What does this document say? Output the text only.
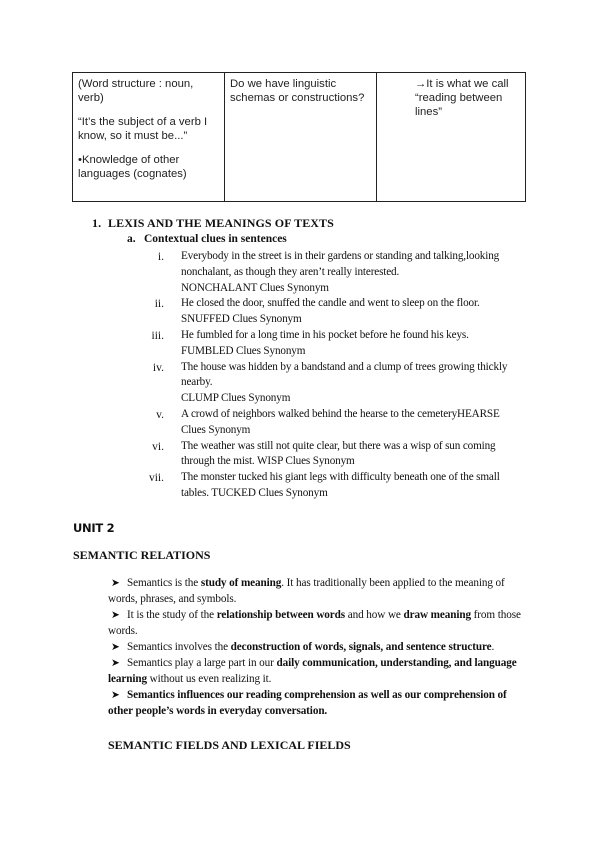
(Word structure : noun, verb)

“It’s the subject of a verb I know, so it must be...”

•Knowledge of other languages (cognates)

Do we have linguistic schemas or constructions?

→It is what we call “reading between lines”

1. LEXIS AND THE MEANINGS OF TEXTS
a. Contextual clues in sentences
i. Everybody in the street is in their gardens or standing and talking,looking nonchalant, as though they aren’t really interested.
NONCHALANT Clues Synonym
ii. He closed the door, snuffed the candle and went to sleep on the floor.
SNUFFED Clues Synonym
iii. He fumbled for a long time in his pocket before he found his keys.
FUMBLED Clues Synonym
iv. The house was hidden by a bandstand and a clump of trees growing thickly nearby.
CLUMP Clues Synonym
v. A crowd of neighbors walked behind the hearse to the cemeteryHEARSE Clues Synonym
vi. The weather was still not quite clear, but there was a wisp of sun coming through the mist. WISP Clues Synonym
vii. The monster tucked his giant legs with difficulty beneath one of the small tables. TUCKED Clues Synonym
UNIT 2
SEMANTIC RELATIONS
➤ Semantics is the study of meaning. It has traditionally been applied to the meaning of words, phrases, and symbols.
➤ It is the study of the relationship between words and how we draw meaning from those words.
➤ Semantics involves the deconstruction of words, signals, and sentence structure.
➤ Semantics play a large part in our daily communication, understanding, and language learning without us even realizing it.
➤ Semantics influences our reading comprehension as well as our comprehension of other people’s words in everyday conversation.
SEMANTIC FIELDS AND LEXICAL FIELDS
